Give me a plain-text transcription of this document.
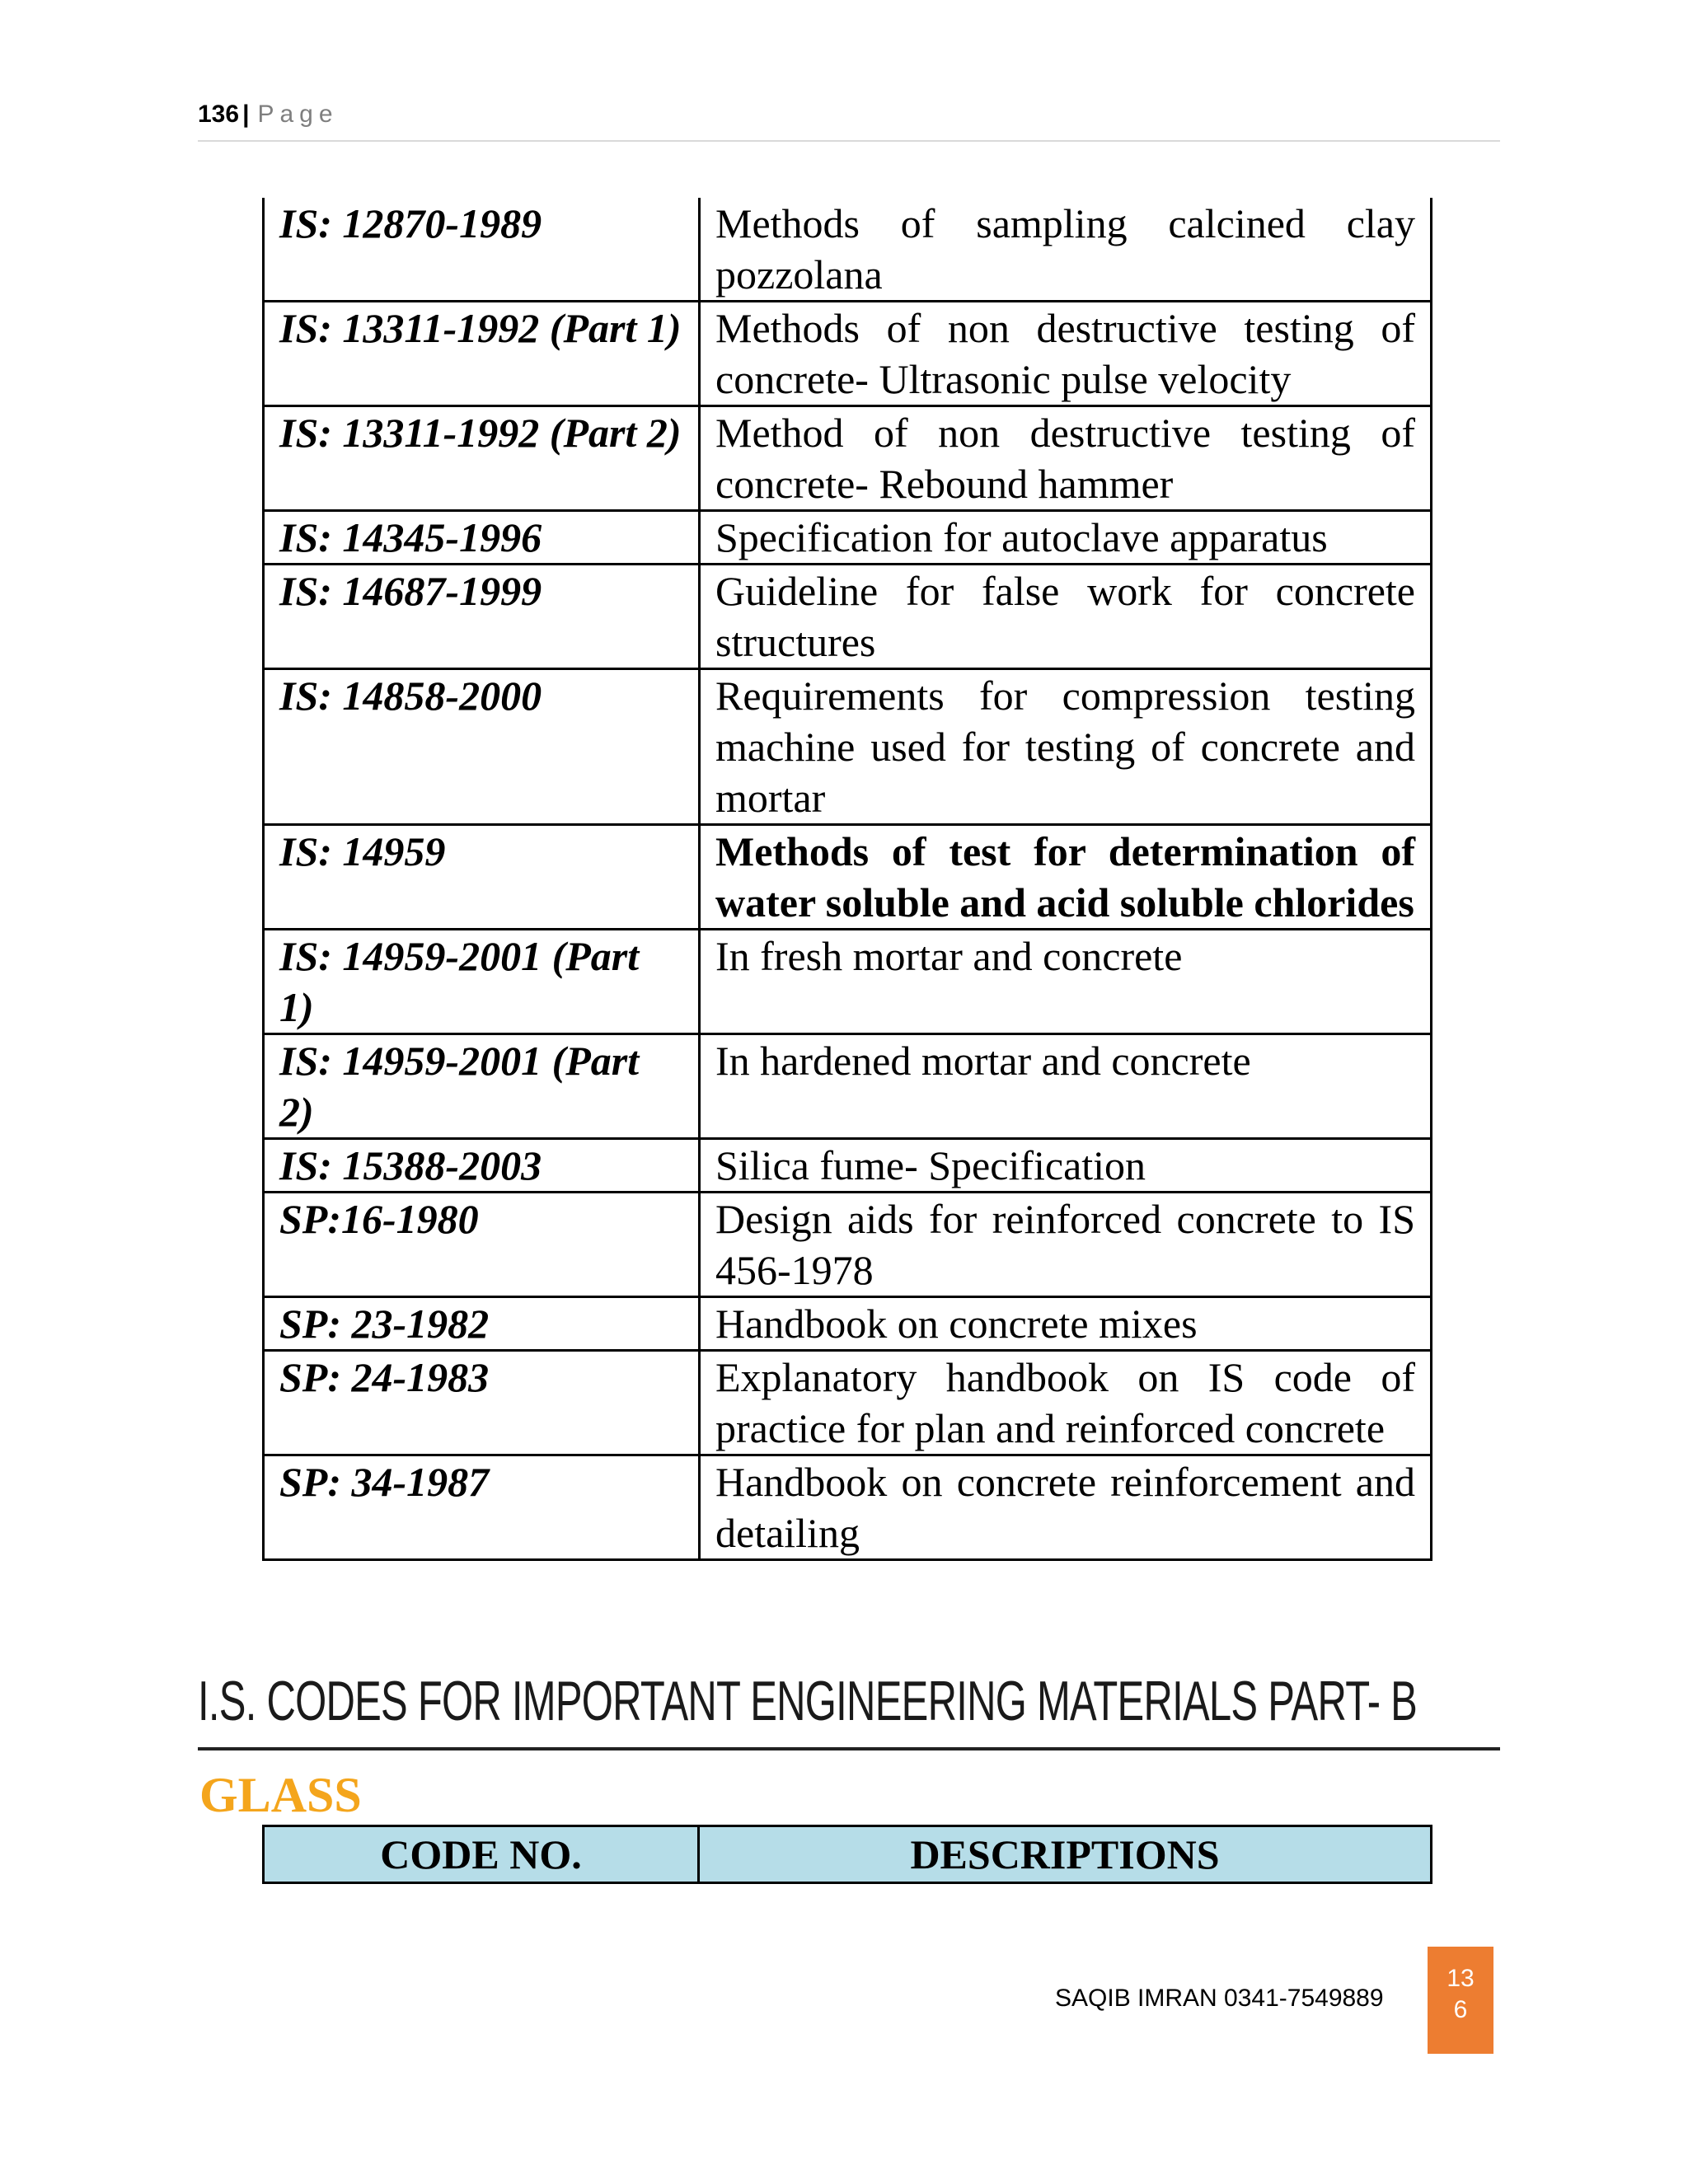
136 | Page
IS: 12870-1989	Methods of sampling calcined clay pozzolana
IS: 13311-1992 (Part 1)	Methods of non destructive testing of concrete- Ultrasonic pulse velocity
IS: 13311-1992 (Part 2)	Method of non destructive testing of concrete- Rebound hammer
IS: 14345-1996	Specification for autoclave apparatus
IS: 14687-1999	Guideline for false work for concrete structures
IS: 14858-2000	Requirements for compression testing machine used for testing of concrete and mortar
IS: 14959	Methods of test for determination of water soluble and acid soluble chlorides
IS: 14959-2001 (Part 1)	In fresh mortar and concrete
IS: 14959-2001 (Part 2)	In hardened mortar and concrete
IS: 15388-2003	Silica fume- Specification
SP:16-1980	Design aids for reinforced concrete to IS 456-1978
SP: 23-1982	Handbook on concrete mixes
SP: 24-1983	Explanatory handbook on IS code of practice for plan and reinforced concrete
SP: 34-1987	Handbook on concrete reinforcement and detailing
I.S. CODES FOR IMPORTANT ENGINEERING MATERIALS PART- B
GLASS
CODE NO.	DESCRIPTIONS
SAQIB IMRAN 0341-7549889
13
6
